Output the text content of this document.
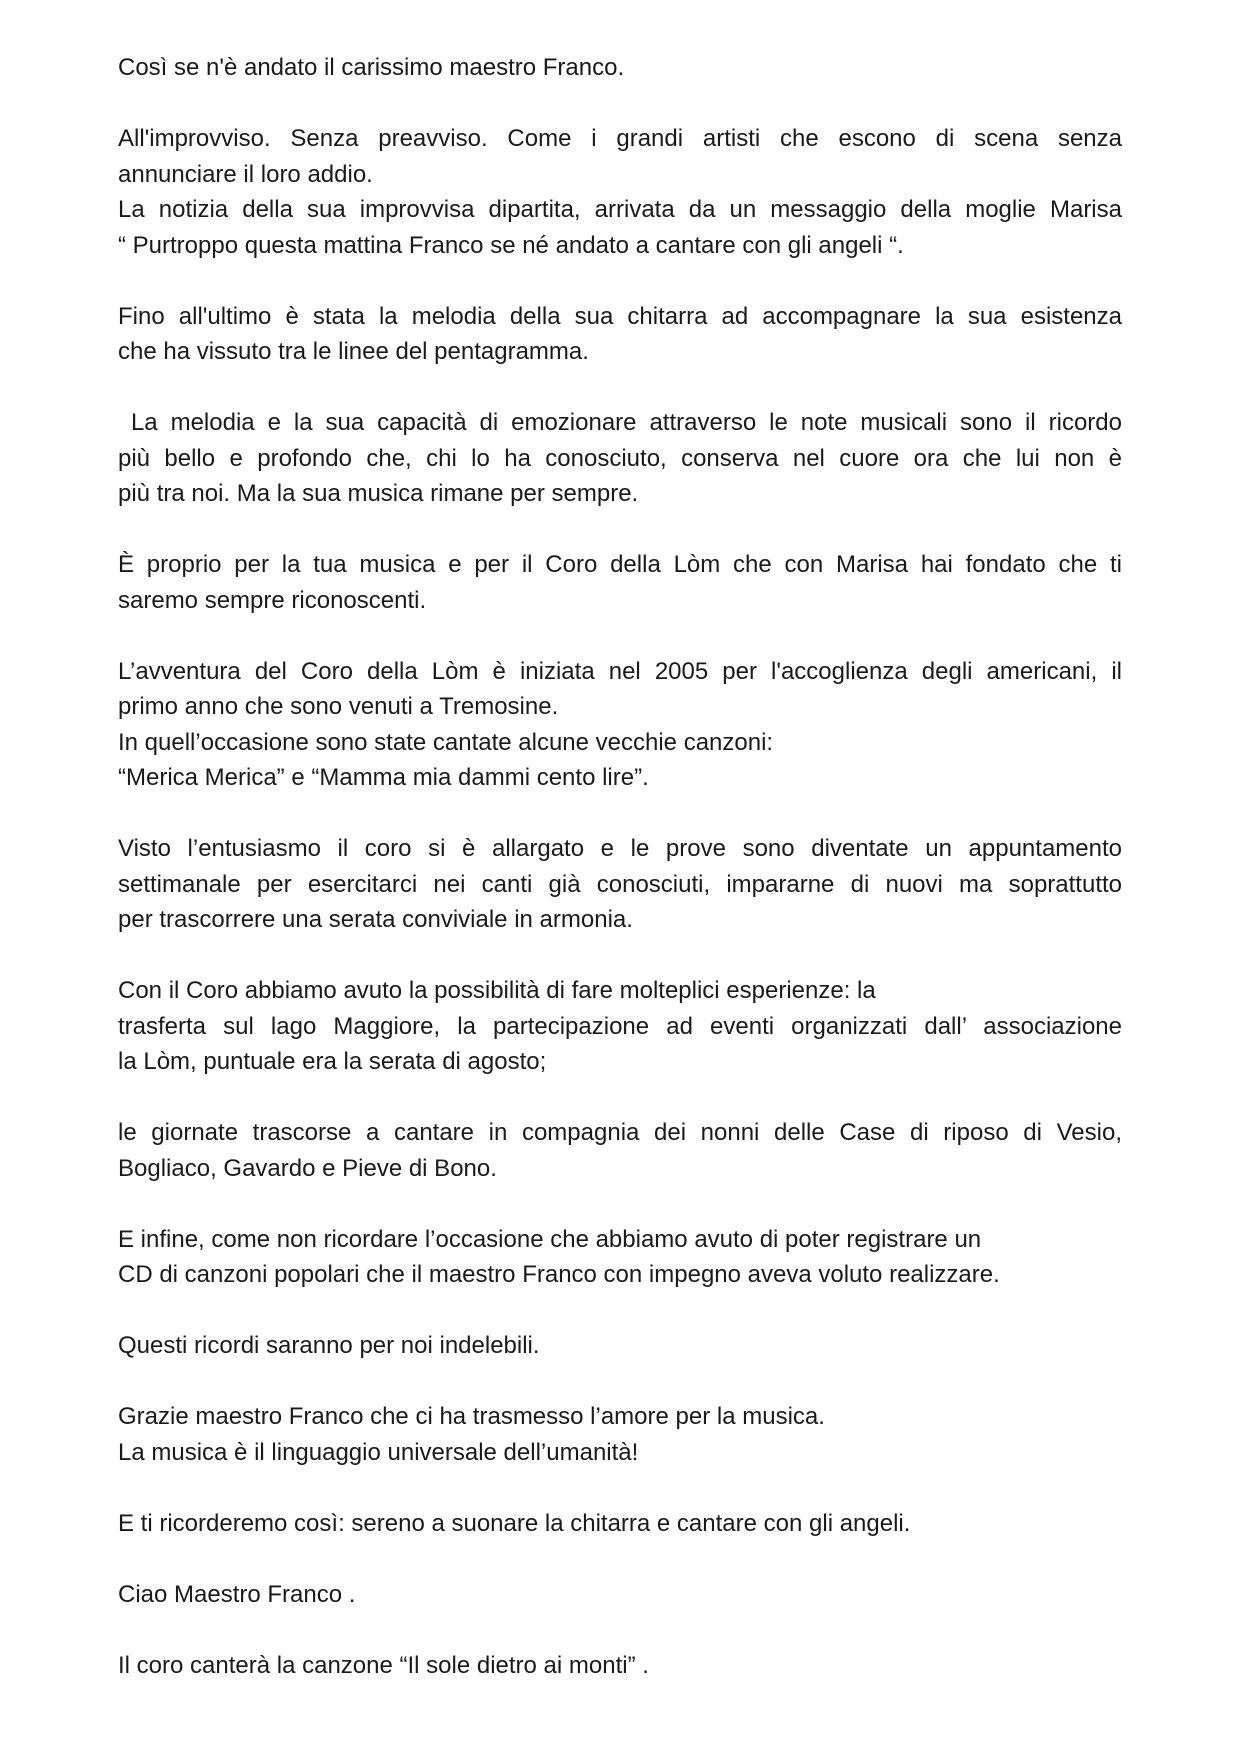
Così se n'è andato il carissimo maestro Franco.

All'improvviso. Senza preavviso. Come i grandi artisti che escono di scena senza
annunciare il loro addio.
La notizia della sua improvvisa dipartita, arrivata da un messaggio della moglie Marisa
“ Purtroppo questa mattina Franco se né andato a cantare con gli angeli “.

Fino all'ultimo è stata la melodia della sua chitarra ad accompagnare la sua esistenza
che ha vissuto tra le linee del pentagramma.

La melodia e la sua capacità di emozionare attraverso le note musicali sono il ricordo
più bello e profondo che, chi lo ha conosciuto, conserva nel cuore ora che lui non è
più tra noi. Ma la sua musica rimane per sempre.

È proprio per la tua musica e per il Coro della Lòm che con Marisa hai fondato che ti
saremo sempre riconoscenti.

L’avventura del Coro della Lòm è iniziata nel 2005 per l'accoglienza degli americani, il
primo anno che sono venuti a Tremosine.
In quell’occasione sono state cantate alcune vecchie canzoni:
“Merica Merica” e “Mamma mia dammi cento lire”.

Visto l’entusiasmo il coro si è allargato e le prove sono diventate un appuntamento
settimanale per esercitarci nei canti già conosciuti, impararne di nuovi ma soprattutto
per trascorrere una serata conviviale in armonia.

Con il Coro abbiamo avuto la possibilità di fare molteplici esperienze: la
trasferta sul lago Maggiore, la partecipazione ad eventi organizzati dall’ associazione
la Lòm, puntuale era la serata di agosto;

le giornate trascorse a cantare in compagnia dei nonni delle Case di riposo di Vesio,
Bogliaco, Gavardo e Pieve di Bono.

E infine, come non ricordare l’occasione che abbiamo avuto di poter registrare un
CD di canzoni popolari che il maestro Franco con impegno aveva voluto realizzare.

Questi ricordi saranno per noi indelebili.

Grazie maestro Franco che ci ha trasmesso l’amore per la musica.
La musica è il linguaggio universale dell’umanità!

E ti ricorderemo così: sereno a suonare la chitarra e cantare con gli angeli.

Ciao Maestro Franco .

Il coro canterà la canzone “Il sole dietro ai monti” .
